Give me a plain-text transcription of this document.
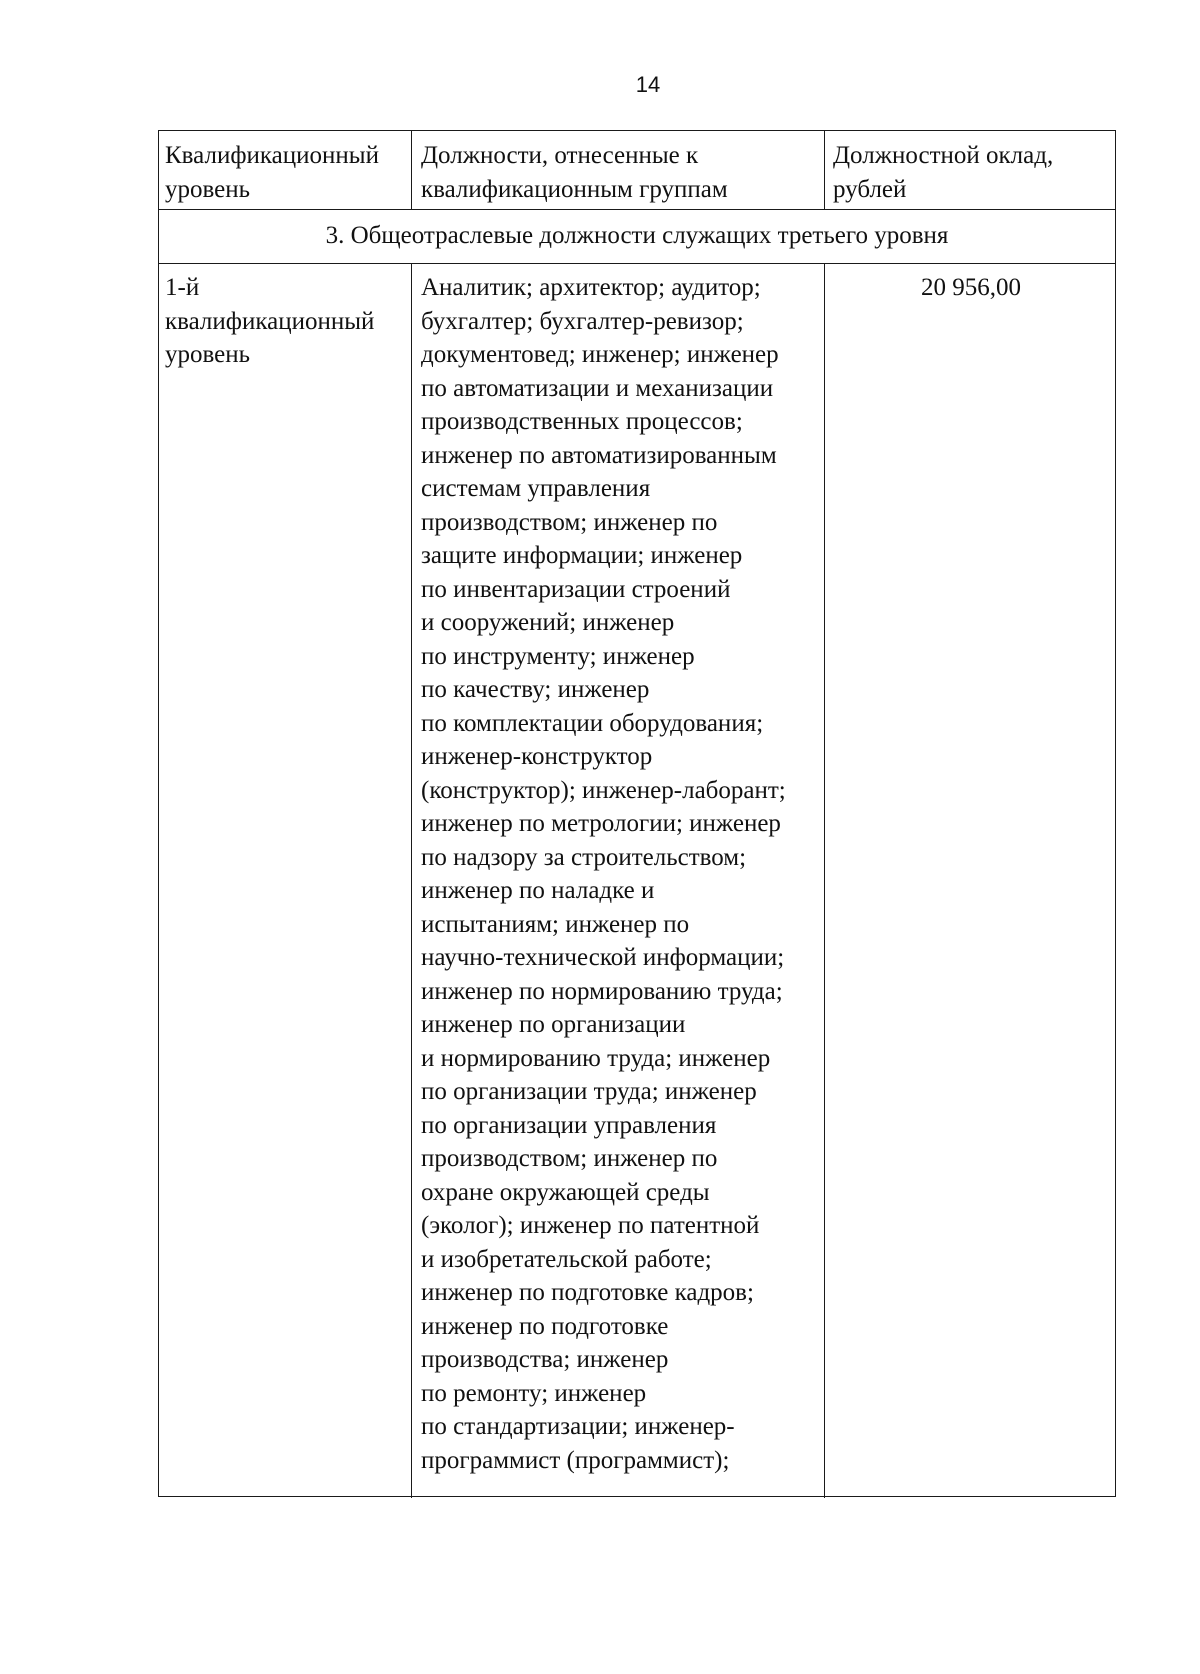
14
Квалификационный
уровень
Должности, отнесенные к
квалификационным группам
Должностной оклад,
рублей
3. Общеотраслевые должности служащих третьего уровня
1-й
квалификационный
уровень
Аналитик; архитектор; аудитор;
бухгалтер; бухгалтер-ревизор;
документовед; инженер; инженер
по автоматизации и механизации
производственных процессов;
инженер по автоматизированным
системам управления
производством; инженер по
защите информации; инженер
по инвентаризации строений
и сооружений; инженер
по инструменту; инженер
по качеству; инженер
по комплектации оборудования;
инженер-конструктор
(конструктор); инженер-лаборант;
инженер по метрологии; инженер
по надзору за строительством;
инженер по наладке и
испытаниям; инженер по
научно-технической информации;
инженер по нормированию труда;
инженер по организации
и нормированию труда; инженер
по организации труда; инженер
по организации управления
производством; инженер по
охране окружающей среды
(эколог); инженер по патентной
и изобретательской работе;
инженер по подготовке кадров;
инженер по подготовке
производства; инженер
по ремонту; инженер
по стандартизации; инженер-
программист (программист);
20 956,00
